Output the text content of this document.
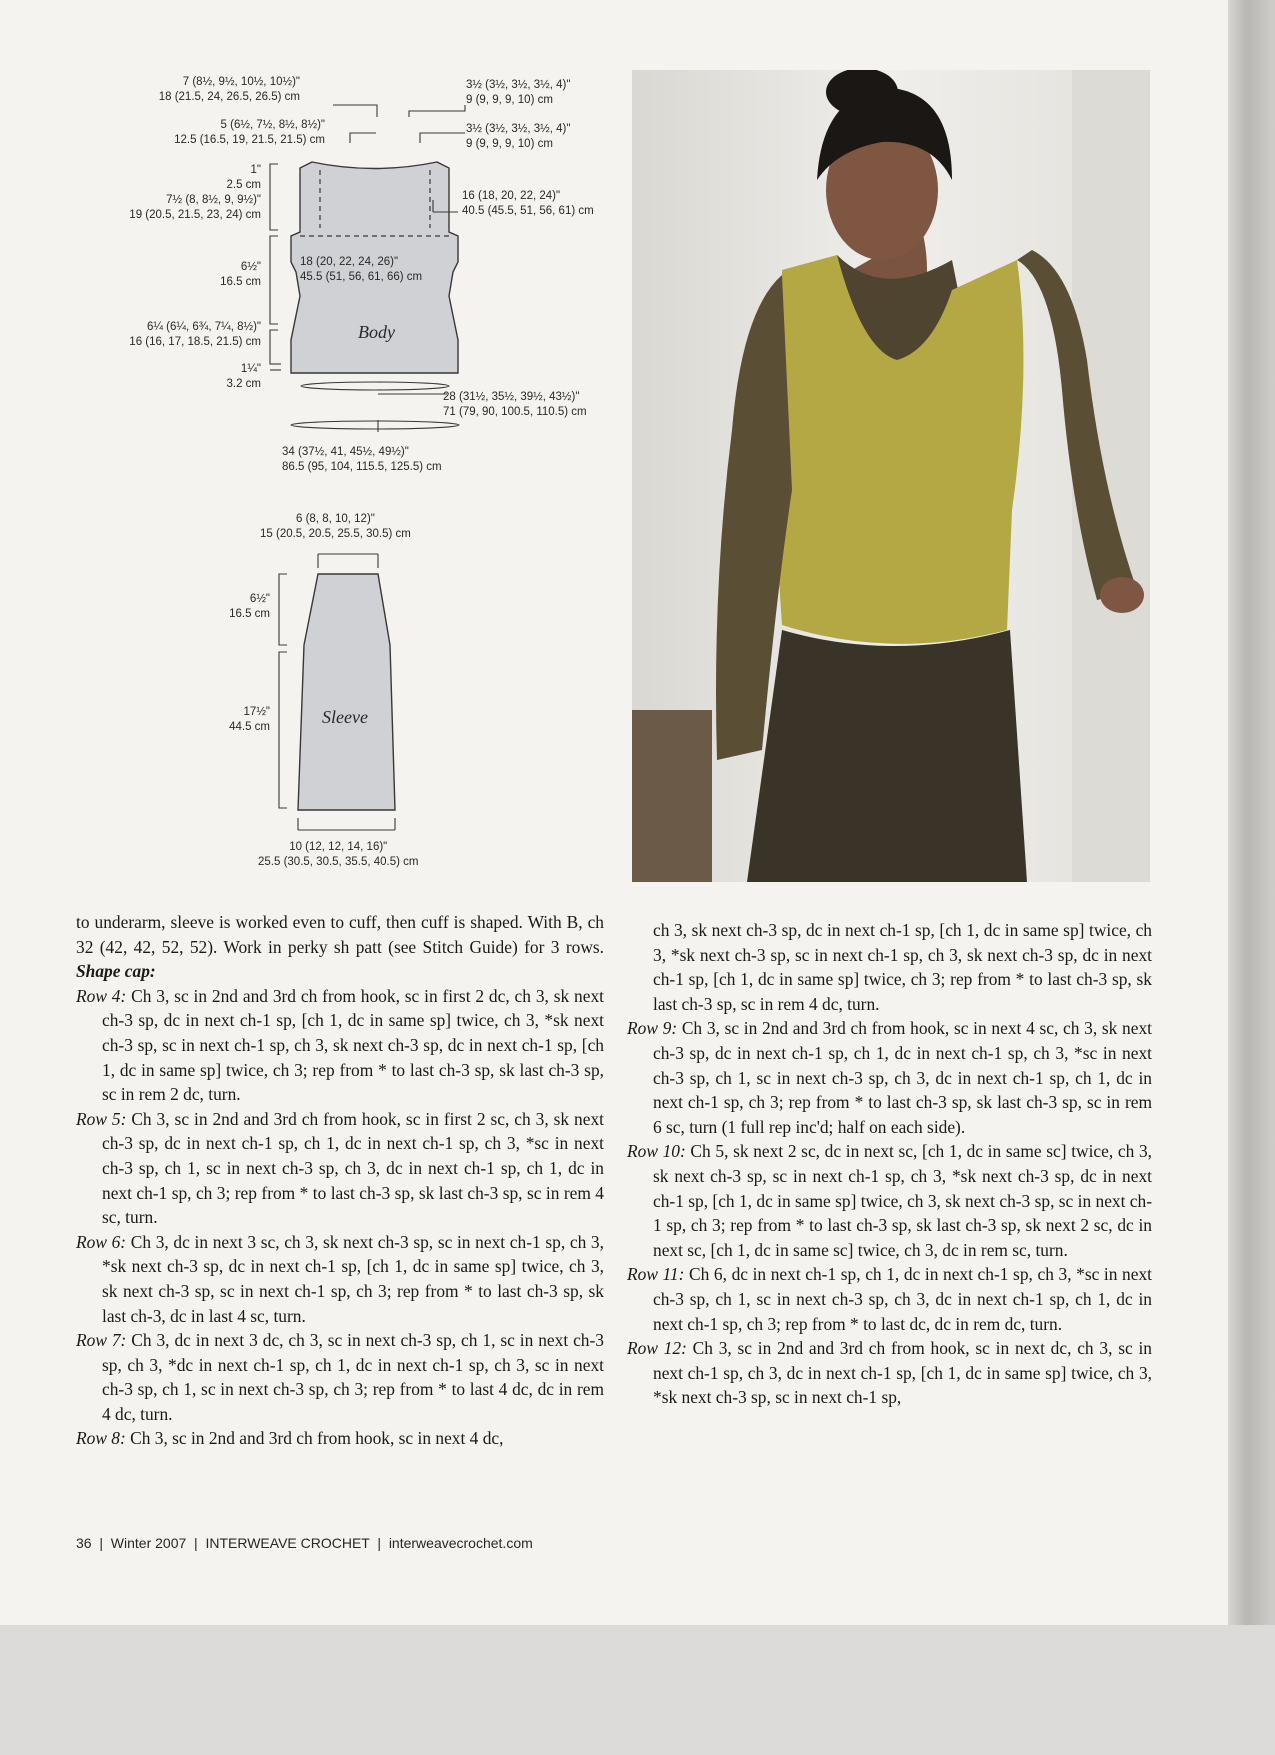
Body
7 (8½, 9½, 10½, 10½)"
18 (21.5, 24, 26.5, 26.5) cm
5 (6½, 7½, 8½, 8½)"
12.5 (16.5, 19, 21.5, 21.5) cm
1"
2.5 cm
7½ (8, 8½, 9, 9½)"
19 (20.5, 21.5, 23, 24) cm
3½ (3½, 3½, 3½, 4)"
9 (9, 9, 9, 10) cm
3½ (3½, 3½, 3½, 4)"
9 (9, 9, 9, 10) cm
16 (18, 20, 22, 24)"
40.5 (45.5, 51, 56, 61) cm
18 (20, 22, 24, 26)"
45.5 (51, 56, 61, 66) cm
6½"
16.5 cm
6¼ (6¼, 6¾, 7¼, 8½)"
16 (16, 17, 18.5, 21.5) cm
1¼"
3.2 cm
28 (31½, 35½, 39½, 43½)"
71 (79, 90, 100.5, 110.5) cm
34 (37½, 41, 45½, 49½)"
86.5 (95, 104, 115.5, 125.5) cm
Sleeve
6 (8, 8, 10, 12)"
15 (20.5, 20.5, 25.5, 30.5) cm
6½"
16.5 cm
17½"
44.5 cm
10 (12, 12, 14, 16)"
25.5 (30.5, 30.5, 35.5, 40.5) cm

to underarm, sleeve is worked even to cuff, then cuff is shaped. With B, ch 32 (42, 42, 52, 52). Work in perky sh patt (see Stitch Guide) for 3 rows. Shape cap:

Row 4: Ch 3, sc in 2nd and 3rd ch from hook, sc in first 2 dc, ch 3, sk next ch-3 sp, dc in next ch-1 sp, [ch 1, dc in same sp] twice, ch 3, *sk next ch-3 sp, sc in next ch-1 sp, ch 3, sk next ch-3 sp, dc in next ch-1 sp, [ch 1, dc in same sp] twice, ch 3; rep from * to last ch-3 sp, sk last ch-3 sp, sc in rem 2 dc, turn.

Row 5: Ch 3, sc in 2nd and 3rd ch from hook, sc in first 2 sc, ch 3, sk next ch-3 sp, dc in next ch-1 sp, ch 1, dc in next ch-1 sp, ch 3, *sc in next ch-3 sp, ch 1, sc in next ch-3 sp, ch 3, dc in next ch-1 sp, ch 1, dc in next ch-1 sp, ch 3; rep from * to last ch-3 sp, sk last ch-3 sp, sc in rem 4 sc, turn.

Row 6: Ch 3, dc in next 3 sc, ch 3, sk next ch-3 sp, sc in next ch-1 sp, ch 3, *sk next ch-3 sp, dc in next ch-1 sp, [ch 1, dc in same sp] twice, ch 3, sk next ch-3 sp, sc in next ch-1 sp, ch 3; rep from * to last ch-3 sp, sk last ch-3, dc in last 4 sc, turn.

Row 7: Ch 3, dc in next 3 dc, ch 3, sc in next ch-3 sp, ch 1, sc in next ch-3 sp, ch 3, *dc in next ch-1 sp, ch 1, dc in next ch-1 sp, ch 3, sc in next ch-3 sp, ch 1, sc in next ch-3 sp, ch 3; rep from * to last 4 dc, dc in rem 4 dc, turn.

Row 8: Ch 3, sc in 2nd and 3rd ch from hook, sc in next 4 dc,

ch 3, sk next ch-3 sp, dc in next ch-1 sp, [ch 1, dc in same sp] twice, ch 3, *sk next ch-3 sp, sc in next ch-1 sp, ch 3, sk next ch-3 sp, dc in next ch-1 sp, [ch 1, dc in same sp] twice, ch 3; rep from * to last ch-3 sp, sk last ch-3 sp, sc in rem 4 dc, turn.

Row 9: Ch 3, sc in 2nd and 3rd ch from hook, sc in next 4 sc, ch 3, sk next ch-3 sp, dc in next ch-1 sp, ch 1, dc in next ch-1 sp, ch 3, *sc in next ch-3 sp, ch 1, sc in next ch-3 sp, ch 3, dc in next ch-1 sp, ch 1, dc in next ch-1 sp, ch 3; rep from * to last ch-3 sp, sk last ch-3 sp, sc in rem 6 sc, turn (1 full rep inc'd; half on each side).

Row 10: Ch 5, sk next 2 sc, dc in next sc, [ch 1, dc in same sc] twice, ch 3, sk next ch-3 sp, sc in next ch-1 sp, ch 3, *sk next ch-3 sp, dc in next ch-1 sp, [ch 1, dc in same sp] twice, ch 3, sk next ch-3 sp, sc in next ch-1 sp, ch 3; rep from * to last ch-3 sp, sk last ch-3 sp, sk next 2 sc, dc in next sc, [ch 1, dc in same sc] twice, ch 3, dc in rem sc, turn.

Row 11: Ch 6, dc in next ch-1 sp, ch 1, dc in next ch-1 sp, ch 3, *sc in next ch-3 sp, ch 1, sc in next ch-3 sp, ch 3, dc in next ch-1 sp, ch 1, dc in next ch-1 sp, ch 3; rep from * to last dc, dc in rem dc, turn.

Row 12: Ch 3, sc in 2nd and 3rd ch from hook, sc in next dc, ch 3, sc in next ch-1 sp, ch 3, dc in next ch-1 sp, [ch 1, dc in same sp] twice, ch 3, *sk next ch-3 sp, sc in next ch-1 sp,

36 | Winter 2007 | INTERWEAVE CROCHET | interweavecrochet.com
